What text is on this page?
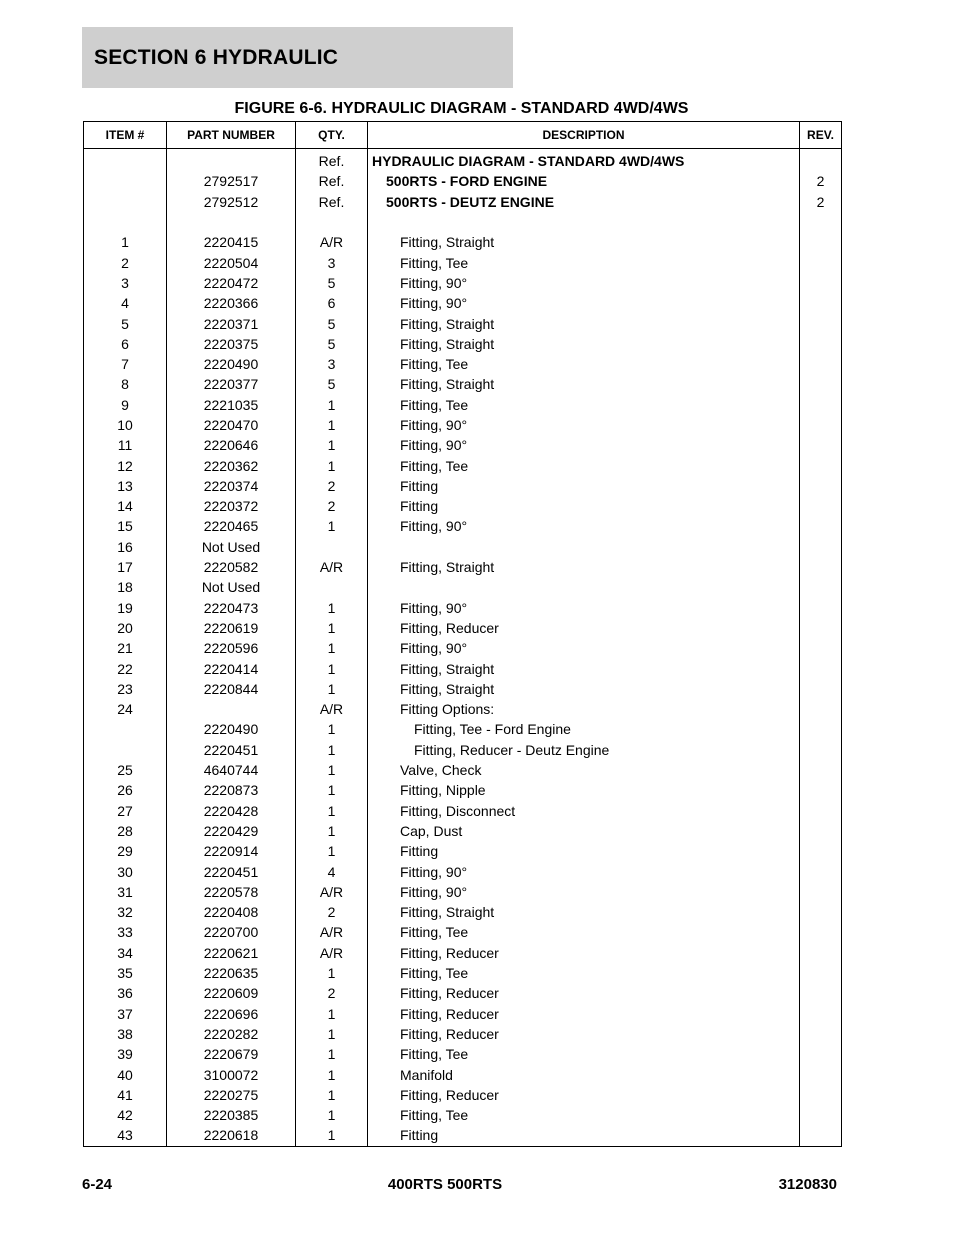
SECTION 6 HYDRAULIC
FIGURE 6-6. HYDRAULIC DIAGRAM - STANDARD 4WD/4WS
ITEM #	PART NUMBER	QTY.	DESCRIPTION	REV.
		Ref.	HYDRAULIC DIAGRAM - STANDARD 4WD/4WS	
	2792517	Ref.	500RTS - FORD ENGINE	2
	2792512	Ref.	500RTS - DEUTZ ENGINE	2

1	2220415	A/R	Fitting, Straight	
2	2220504	3	Fitting, Tee	
3	2220472	5	Fitting, 90°	
4	2220366	6	Fitting, 90°	
5	2220371	5	Fitting, Straight	
6	2220375	5	Fitting, Straight	
7	2220490	3	Fitting, Tee	
8	2220377	5	Fitting, Straight	
9	2221035	1	Fitting, Tee	
10	2220470	1	Fitting, 90°	
11	2220646	1	Fitting, 90°	
12	2220362	1	Fitting, Tee	
13	2220374	2	Fitting	
14	2220372	2	Fitting	
15	2220465	1	Fitting, 90°	
16	Not Used			
17	2220582	A/R	Fitting, Straight	
18	Not Used			
19	2220473	1	Fitting, 90°	
20	2220619	1	Fitting, Reducer	
21	2220596	1	Fitting, 90°	
22	2220414	1	Fitting, Straight	
23	2220844	1	Fitting, Straight	
24		A/R	Fitting Options:	
	2220490	1	Fitting, Tee - Ford Engine	
	2220451	1	Fitting, Reducer - Deutz Engine	
25	4640744	1	Valve, Check	
26	2220873	1	Fitting, Nipple	
27	2220428	1	Fitting, Disconnect	
28	2220429	1	Cap, Dust	
29	2220914	1	Fitting	
30	2220451	4	Fitting, 90°	
31	2220578	A/R	Fitting, 90°	
32	2220408	2	Fitting, Straight	
33	2220700	A/R	Fitting, Tee	
34	2220621	A/R	Fitting, Reducer	
35	2220635	1	Fitting, Tee	
36	2220609	2	Fitting, Reducer	
37	2220696	1	Fitting, Reducer	
38	2220282	1	Fitting, Reducer	
39	2220679	1	Fitting, Tee	
40	3100072	1	Manifold	
41	2220275	1	Fitting, Reducer	
42	2220385	1	Fitting, Tee	
43	2220618	1	Fitting	
6-24	400RTS 500RTS	3120830
